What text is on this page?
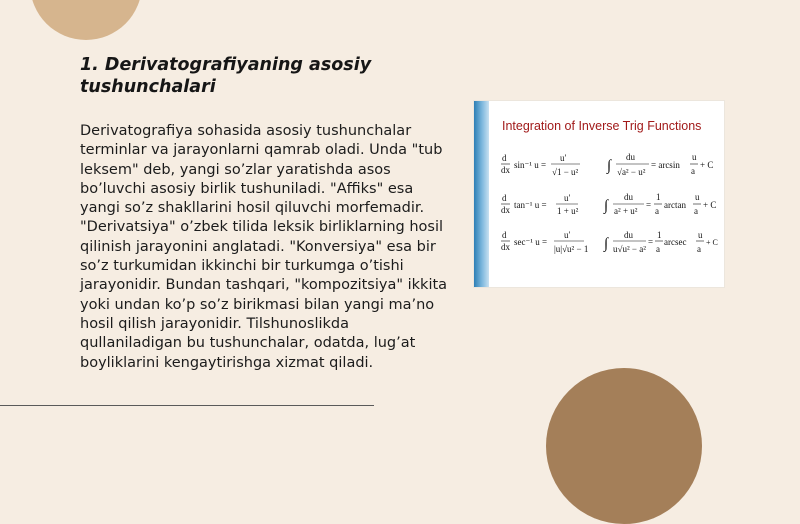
1. Derivatografiyaning asosiy tushunchalari

Derivatografiya sohasida asosiy tushunchalar terminlar va jarayonlarni qamrab oladi. Unda "tub leksem" deb, yangi so’zlar yaratishda asos bo’luvchi asosiy birlik tushuniladi. "Affiks" esa yangi so’z shakllarini hosil qiluvchi morfemadir. "Derivatsiya" o’zbek tilida leksik birliklarning hosil qilinish jarayonini anglatadi. "Konversiya" esa bir so’z turkumidan ikkinchi bir turkumga o’tishi jarayonidir. Bundan tashqari, "kompozitsiya" ikkita yoki undan ko’p so’z birikmasi bilan yangi ma’no hosil qilish jarayonidir. Tilshunoslikda qullaniladigan bu tushunchalar, odatda, lug’at boyliklarini kengaytirishga xizmat qiladi.

Integration of Inverse Trig Functions
d
dx sin⁻¹ u =
u′
√1 − u² ∫
du
√a² − u²
= arcsin
u
a
+ C
d
dx tan⁻¹ u =
u′
1 + u² ∫
du
a² + u²
=
1
a
arctan
u
a
+ C
d
dx sec⁻¹ u =
u′
|u|√u² − 1 ∫
du
u√u² − a²
=
1
a
arcsec
u
a
+ C
